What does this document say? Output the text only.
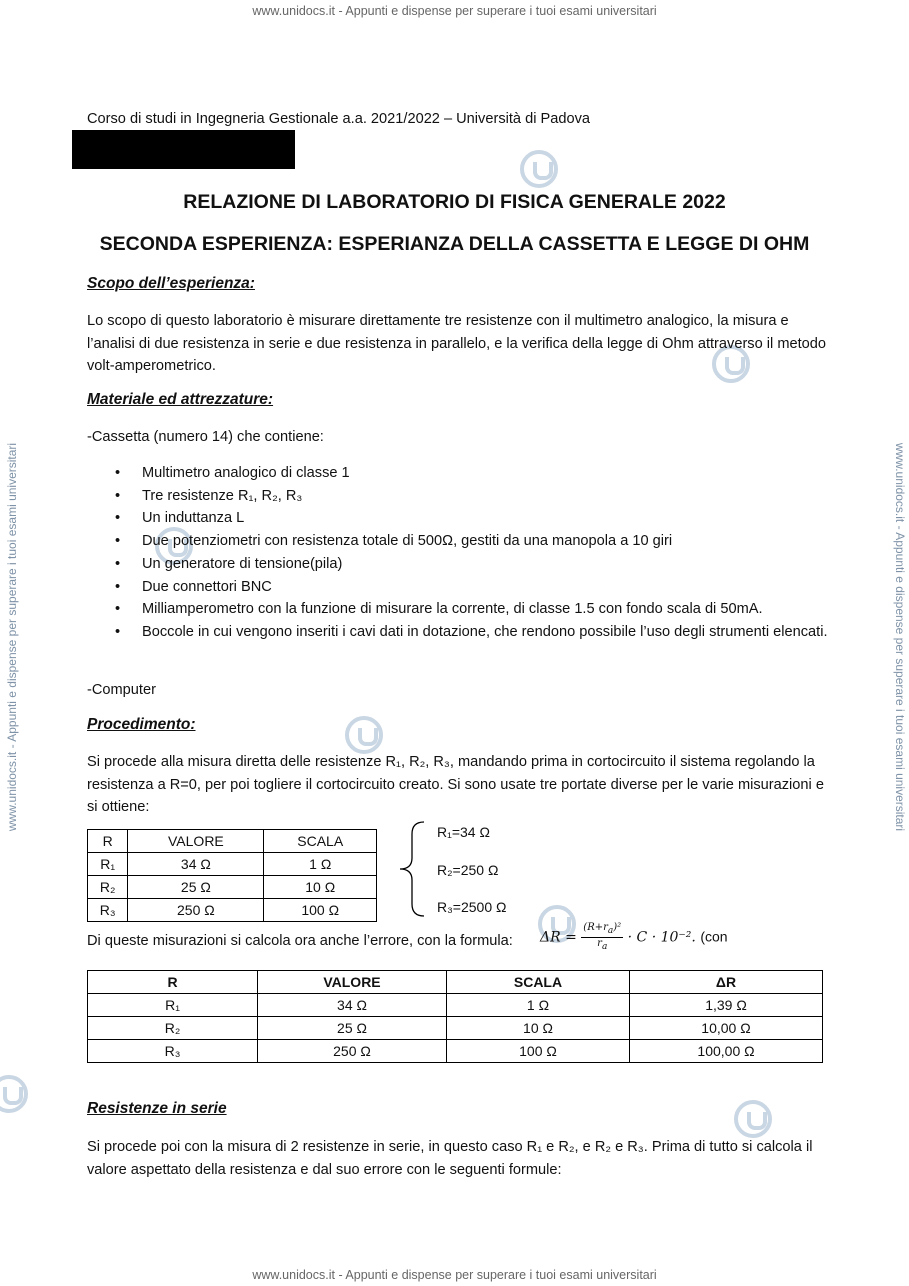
www.unidocs.it - Appunti e dispense per superare i tuoi esami universitari
www.unidocs.it - Appunti e dispense per superare i tuoi esami universitari
www.unidocs.it - Appunti e dispense per superare i tuoi esami universitari	www.unidocs.it - Appunti e dispense per superare i tuoi esami universitari
Corso di studi in Ingegneria Gestionale a.a. 2021/2022 – Università di Padova
RELAZIONE DI LABORATORIO DI FISICA GENERALE 2022
SECONDA ESPERIENZA: ESPERIANZA DELLA CASSETTA E LEGGE DI OHM
Scopo dell’esperienza:
Lo scopo di questo laboratorio è misurare direttamente tre resistenze con il multimetro analogico, la misura e l’analisi di due resistenza in serie e due resistenza in parallelo, e la verifica della legge di Ohm attraverso il metodo volt-amperometrico.
Materiale ed attrezzature:
-Cassetta (numero 14) che contiene:
• Multimetro analogico di classe 1
• Tre resistenze R₁, R₂, R₃
• Un induttanza L
• Due potenziometri con resistenza totale di 500Ω, gestiti da una manopola a 10 giri
• Un generatore di tensione(pila)
• Due connettori BNC
• Milliamperometro con la funzione di misurare la corrente, di classe 1.5 con fondo scala di 50mA.
• Boccole in cui vengono inseriti i cavi dati in dotazione, che rendono possibile l’uso degli strumenti elencati.
-Computer
Procedimento:
Si procede alla misura diretta delle resistenze R₁, R₂, R₃, mandando prima in cortocircuito il sistema regolando la resistenza a R=0, per poi togliere il cortocircuito creato. Si sono usate tre portate diverse per le varie misurazioni e si ottiene:
R	VALORE	SCALA
R₁	34 Ω	1 Ω
R₂	25 Ω	10 Ω
R₃	250 Ω	100 Ω
R₁=34 Ω
R₂=250 Ω
R₃=2500 Ω
Di queste misurazioni si calcola ora anche l’errore, con la formula:	$\Delta R = \frac{(R+r_a)^2}{r_a} \cdot C \cdot 10^{-2}$. (con
R	VALORE	SCALA	ΔR
R₁	34 Ω	1 Ω	1,39 Ω
R₂	25 Ω	10 Ω	10,00 Ω
R₃	250 Ω	100 Ω	100,00 Ω
Resistenze in serie
Si procede poi con la misura di 2 resistenze in serie, in questo caso R₁ e R₂, e R₂ e R₃. Prima di tutto si calcola il valore aspettato della resistenza e dal suo errore con le seguenti formule:
